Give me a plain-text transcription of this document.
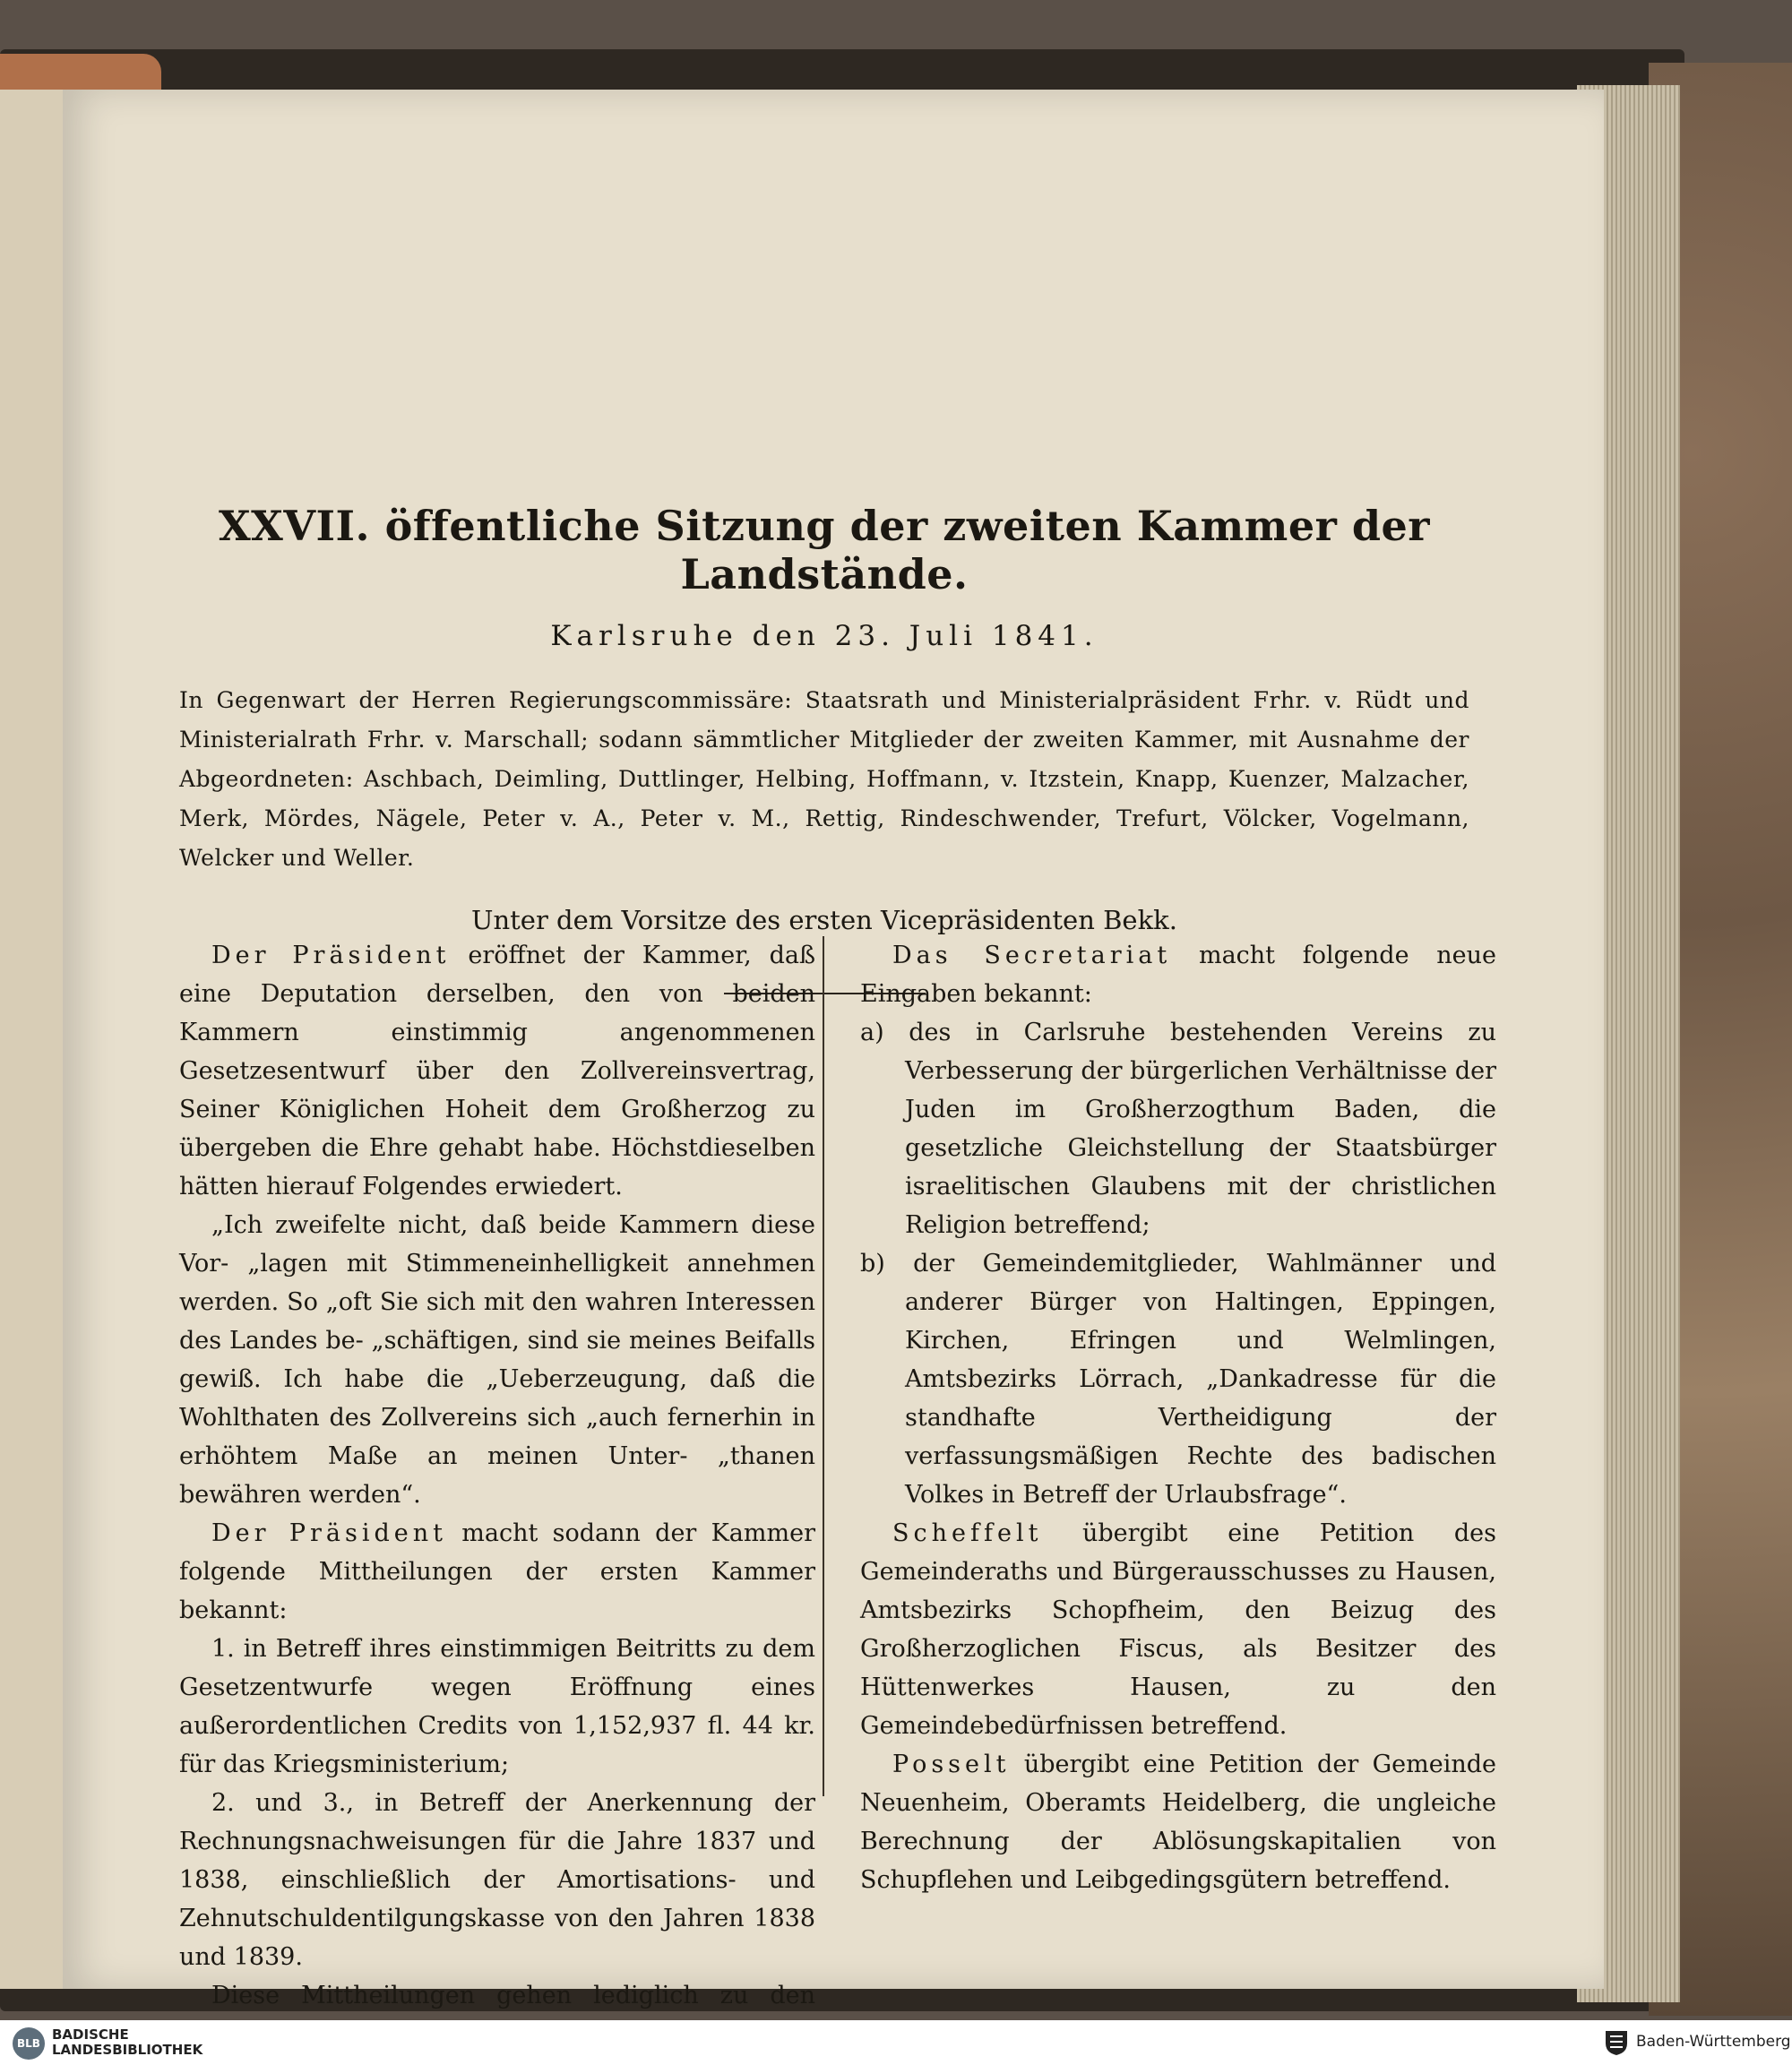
XXVII. öffentliche Sitzung der zweiten Kammer der Landstände.
Karlsruhe den 23. Juli 1841.
In Gegenwart der Herren Regierungscommissäre: Staatsrath und Ministerialpräsident Frhr. v. Rüdt und Ministerialrath Frhr. v. Marschall; sodann sämmtlicher Mitglieder der zweiten Kammer, mit Ausnahme der Abgeordneten: Aschbach, Deimling, Duttlinger, Helbing, Hoffmann, v. Itzstein, Knapp, Kuenzer, Malzacher, Merk, Mördes, Nägele, Peter v. A., Peter v. M., Rettig, Rindeschwender, Trefurt, Völcker, Vogelmann, Welcker und Weller.
Unter dem Vorsitze des ersten Vicepräsidenten Bekk.

Der Präsident eröffnet der Kammer, daß eine Deputation derselben, den von beiden Kammern einstimmig angenommenen Gesetzesentwurf über den Zollvereinsvertrag, Seiner Königlichen Hoheit dem Großherzog zu übergeben die Ehre gehabt habe. Höchstdieselben hätten hierauf Folgendes erwiedert.

„Ich zweifelte nicht, daß beide Kammern diese Vor- „lagen mit Stimmeneinhelligkeit annehmen werden. So „oft Sie sich mit den wahren Interessen des Landes be- „schäftigen, sind sie meines Beifalls gewiß. Ich habe die „Ueberzeugung, daß die Wohlthaten des Zollvereins sich „auch fernerhin in erhöhtem Maße an meinen Unter- „thanen bewähren werden“.

Der Präsident macht sodann der Kammer folgende Mittheilungen der ersten Kammer bekannt:

1. in Betreff ihres einstimmigen Beitritts zu dem Gesetzentwurfe wegen Eröffnung eines außerordentlichen Credits von 1,152,937 fl. 44 kr. für das Kriegsministerium;

2. und 3., in Betreff der Anerkennung der Rechnungsnachweisungen für die Jahre 1837 und 1838, einschließlich der Amortisations- und Zehnutschuldentilgungskasse von den Jahren 1838 und 1839.

Diese Mittheilungen gehen lediglich zu den

Das Secretariat macht folgende neue Eingaben bekannt:

a) des in Carlsruhe bestehenden Vereins zu Verbesserung der bürgerlichen Verhältnisse der Juden im Großherzogthum Baden, die gesetzliche Gleichstellung der Staatsbürger israelitischen Glaubens mit der christlichen Religion betreffend;

b) der Gemeindemitglieder, Wahlmänner und anderer Bürger von Haltingen, Eppingen, Kirchen, Efringen und Welmlingen, Amtsbezirks Lörrach, „Dankadresse für die standhafte Vertheidigung der verfassungsmäßigen Rechte des badischen Volkes in Betreff der Urlaubsfrage“.

Scheffelt übergibt eine Petition des Gemeinderaths und Bürgerausschusses zu Hausen, Amtsbezirks Schopfheim, den Beizug des Großherzoglichen Fiscus, als Besitzer des Hüttenwerkes Hausen, zu den Gemeindebedürfnissen betreffend.

Posselt übergibt eine Petition der Gemeinde Neuenheim, Oberamts Heidelberg, die ungleiche Berechnung der Ablösungskapitalien von Schupflehen und Leibgedingsgütern betreffend.

BLB
BADISCHE
LANDESBIBLIOTHEK	Baden-Württemberg
